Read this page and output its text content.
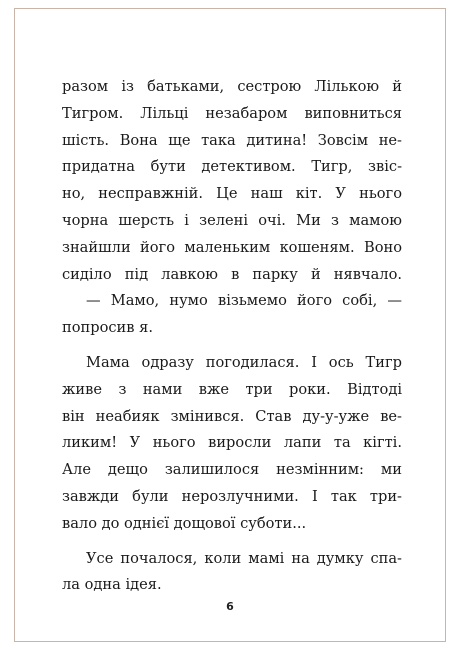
разом із батьками, сестрою Лількою й
Тигром. Лільці незабаром виповниться
шість. Вона ще така дитина! Зовсім не-
придатна бути детективом. Тигр, звіс-
но, несправжній. Це наш кіт. У нього
чорна шерсть і зелені очі. Ми з мамою
знайшли його маленьким кошеням. Воно
сиділо під лавкою в парку й нявчало.
— Мамо, нумо візьмемо його собі, —
попросив я.
Мама одразу погодилася. І ось Тигр
живе з нами вже три роки. Відтоді
він неабияк змінився. Став ду-у-уже ве-
ликим! У нього виросли лапи та кігті.
Але дещо залишилося незмінним: ми
завжди були нерозлучними. І так три-
вало до однієї дощової суботи...
Усе почалося, коли мамі на думку спа-
ла одна ідея.
6
